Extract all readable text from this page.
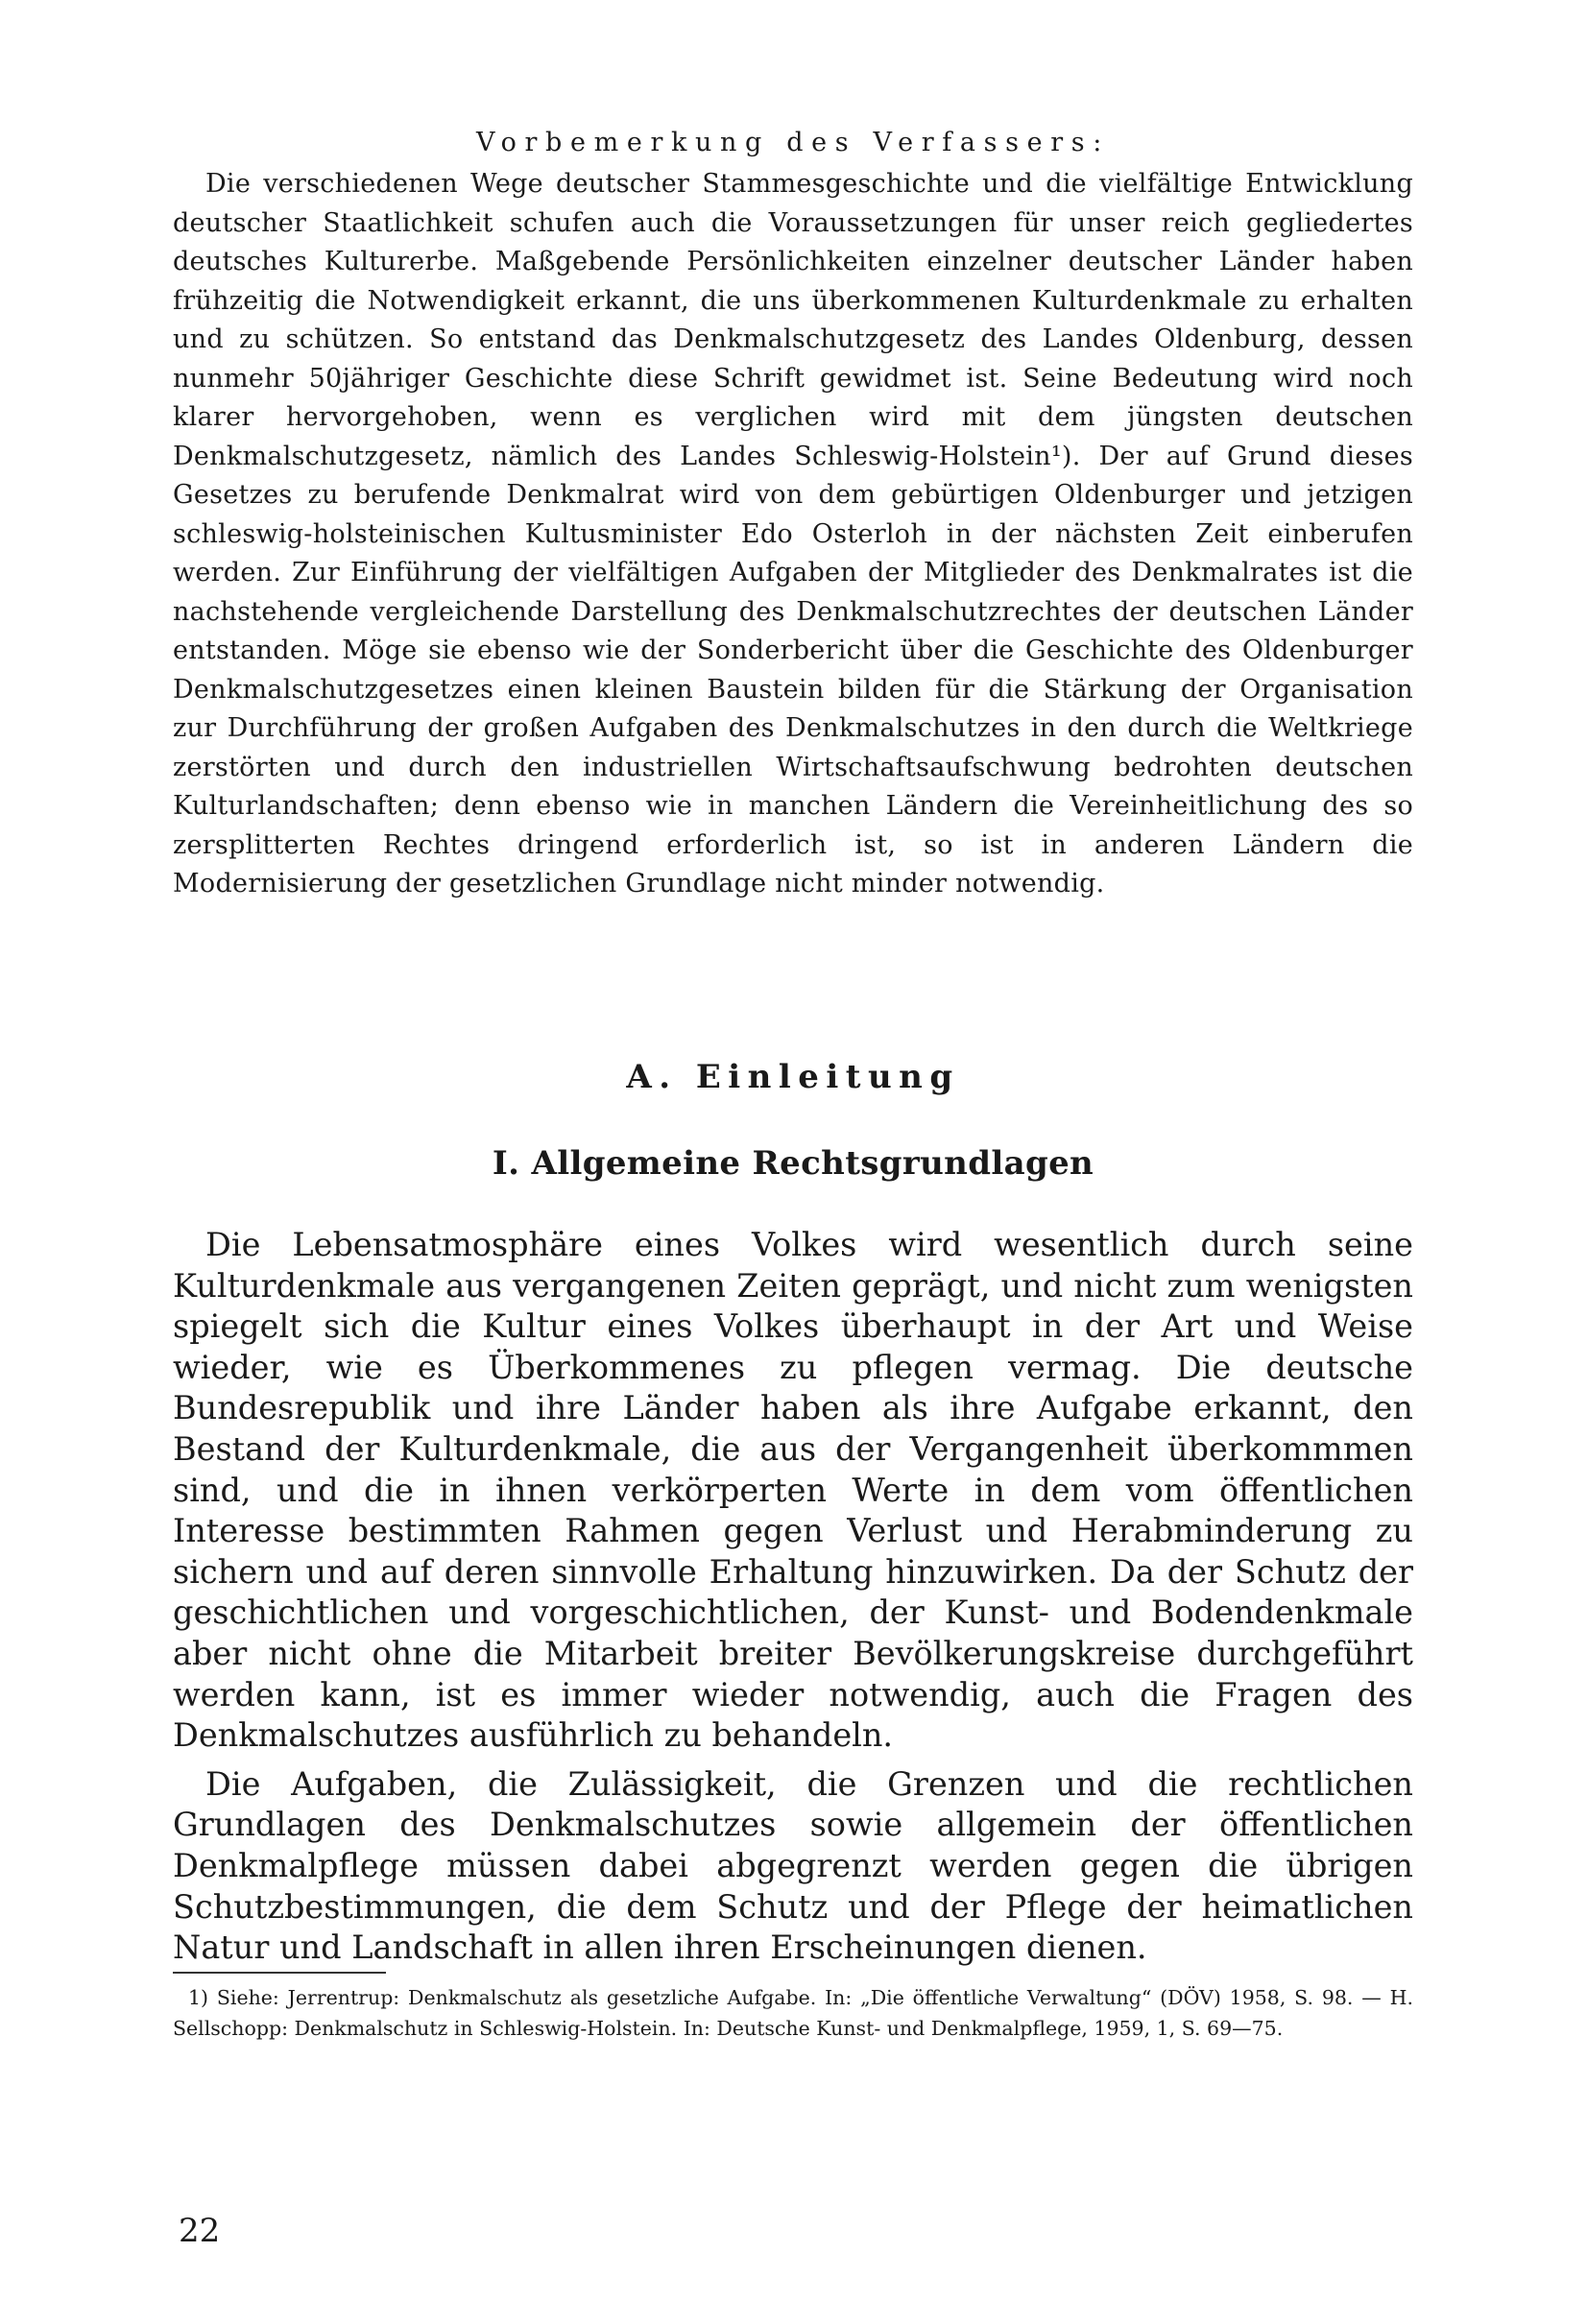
Vorbemerkung des Verfassers:

Die verschiedenen Wege deutscher Stammesgeschichte und die vielfältige Entwicklung deutscher Staatlichkeit schufen auch die Voraussetzungen für unser reich gegliedertes deutsches Kulturerbe. Maßgebende Persönlichkeiten einzelner deutscher Länder haben frühzeitig die Notwendigkeit erkannt, die uns überkommenen Kulturdenkmale zu erhalten und zu schützen. So entstand das Denkmalschutzgesetz des Landes Oldenburg, dessen nunmehr 50jähriger Geschichte diese Schrift gewidmet ist. Seine Bedeutung wird noch klarer hervorgehoben, wenn es verglichen wird mit dem jüngsten deutschen Denkmalschutzgesetz, nämlich des Landes Schleswig-Holstein¹). Der auf Grund dieses Gesetzes zu berufende Denkmalrat wird von dem gebürtigen Oldenburger und jetzigen schleswig-holsteinischen Kultusminister Edo Osterloh in der nächsten Zeit einberufen werden. Zur Einführung der vielfältigen Aufgaben der Mitglieder des Denkmalrates ist die nachstehende vergleichende Darstellung des Denkmalschutzrechtes der deutschen Länder entstanden. Möge sie ebenso wie der Sonderbericht über die Geschichte des Oldenburger Denkmalschutzgesetzes einen kleinen Baustein bilden für die Stärkung der Organisation zur Durchführung der großen Aufgaben des Denkmalschutzes in den durch die Weltkriege zerstörten und durch den industriellen Wirtschaftsaufschwung bedrohten deutschen Kulturlandschaften; denn ebenso wie in manchen Ländern die Vereinheitlichung des so zersplitterten Rechtes dringend erforderlich ist, so ist in anderen Ländern die Modernisierung der gesetzlichen Grundlage nicht minder notwendig.

A. Einleitung
I. Allgemeine Rechtsgrundlagen

Die Lebensatmosphäre eines Volkes wird wesentlich durch seine Kulturdenkmale aus vergangenen Zeiten geprägt, und nicht zum wenigsten spiegelt sich die Kultur eines Volkes überhaupt in der Art und Weise wieder, wie es Überkommenes zu pflegen vermag. Die deutsche Bundesrepublik und ihre Länder haben als ihre Aufgabe erkannt, den Bestand der Kulturdenkmale, die aus der Vergangenheit überkommmen sind, und die in ihnen verkörperten Werte in dem vom öffentlichen Interesse bestimmten Rahmen gegen Verlust und Herabminderung zu sichern und auf deren sinnvolle Erhaltung hinzuwirken. Da der Schutz der geschichtlichen und vorgeschichtlichen, der Kunst- und Bodendenkmale aber nicht ohne die Mitarbeit breiter Bevölkerungskreise durchgeführt werden kann, ist es immer wieder notwendig, auch die Fragen des Denkmalschutzes ausführlich zu behandeln.

Die Aufgaben, die Zulässigkeit, die Grenzen und die rechtlichen Grundlagen des Denkmalschutzes sowie allgemein der öffentlichen Denkmalpflege müssen dabei abgegrenzt werden gegen die übrigen Schutzbestimmungen, die dem Schutz und der Pflege der heimatlichen Natur und Landschaft in allen ihren Erscheinungen dienen.

1) Siehe: Jerrentrup: Denkmalschutz als gesetzliche Aufgabe. In: „Die öffentliche Verwaltung“ (DÖV) 1958, S. 98. — H. Sellschopp: Denkmalschutz in Schleswig-Holstein. In: Deutsche Kunst- und Denkmalpflege, 1959, 1, S. 69—75.

22
